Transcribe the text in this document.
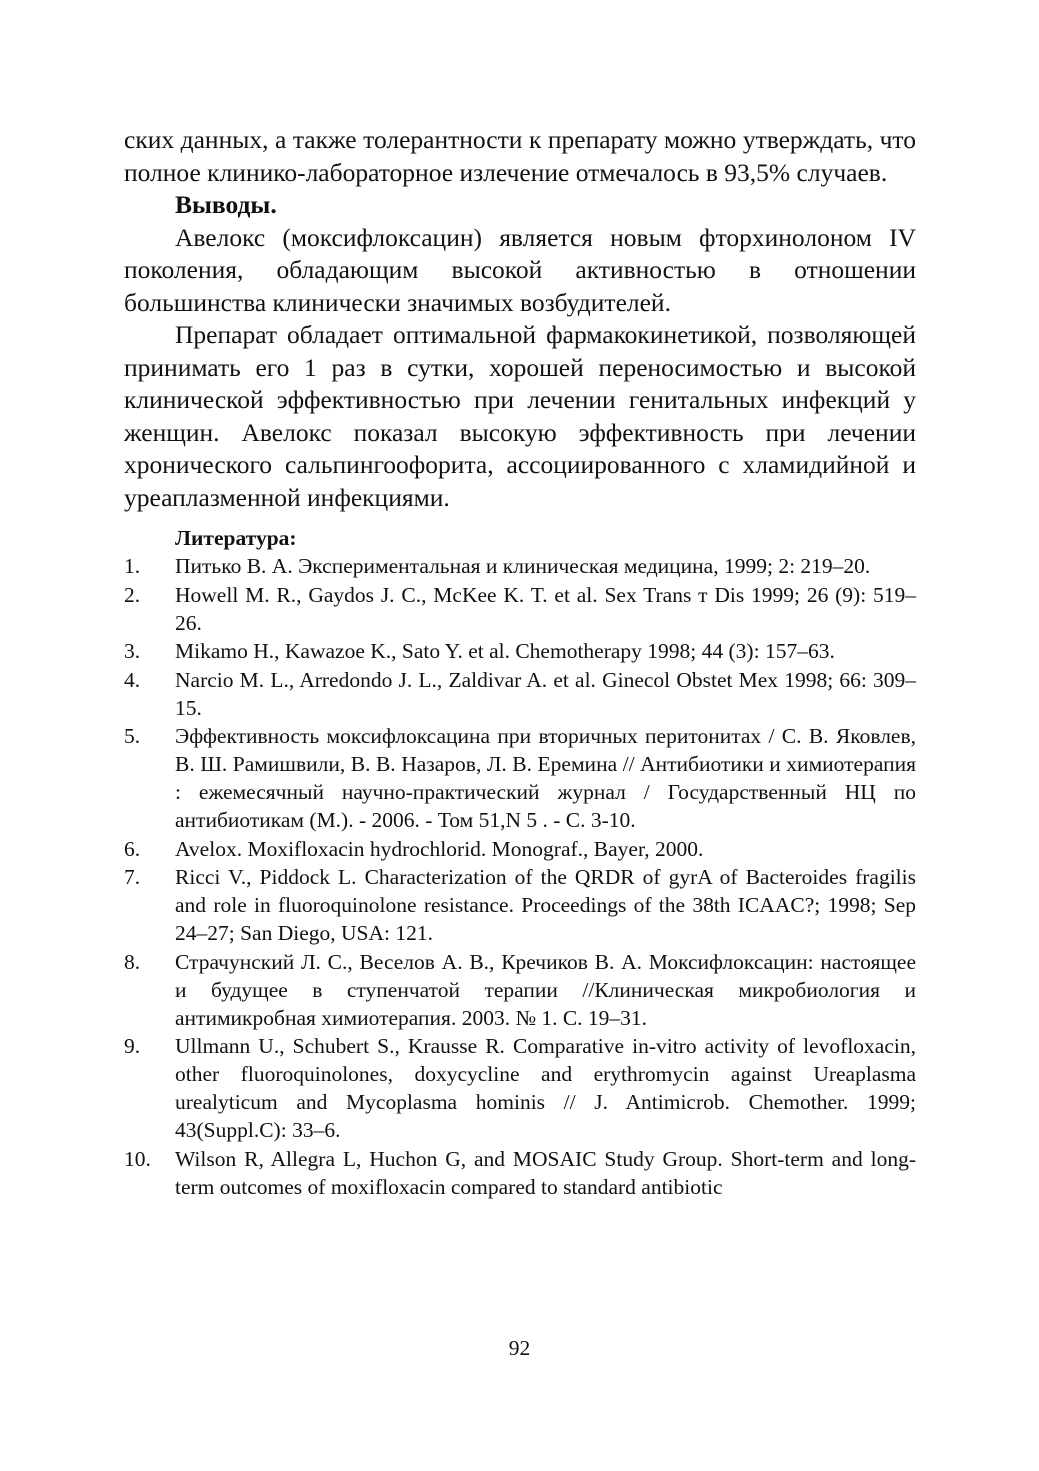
ских данных, а также толерантности к препарату можно утверждать, что полное клинико-лабораторное излечение отмечалось в 93,5% случаев.

Выводы.

Авелокс (моксифлоксацин) является новым фторхинолоном IV поколения, обладающим высокой активностью в отношении большинства клинически значимых возбудителей.

Препарат обладает оптимальной фармакокинетикой, позволяющей принимать его 1 раз в сутки, хорошей переносимостью и высокой клинической эффективностью при лечении генитальных инфекций у женщин. Авелокс показал высокую эффективность при лечении хронического сальпингоофорита, ассоциированного с хламидийной и уреаплазменной инфекциями.

Литература:

1. Питько В. А. Экспериментальная и клиническая медицина, 1999; 2: 219–20.
2. Howell M. R., Gaydos J. C., McKee K. T. et al. Sex Trans т Dis 1999; 26 (9): 519–26.
3. Mikamo H., Kawazoe K., Sato Y. et al. Chemotherapy 1998; 44 (3): 157–63.
4. Narcio M. L., Arredondo J. L., Zaldivar A. et al. Ginecol Obstet Mex 1998; 66: 309–15.
5. Эффективность моксифлоксацина при вторичных перитонитах / С. В. Яковлев, В. Ш. Рамишвили, В. В. Назаров, Л. В. Еремина // Антибиотики и химиотерапия : ежемесячный научно-практический журнал / Государственный НЦ по антибиотикам (М.). - 2006. - Том 51,N 5 . - С. 3-10.
6. Avelox. Moxifloxacin hydrochlorid. Monograf., Bayer, 2000.
7. Ricci V., Piddock L. Characterization of the QRDR of gyrA of Bacteroides fragilis and role in fluoroquinolone resistance. Proceedings of the 38th ICAAC?; 1998; Sep 24–27; San Diego, USA: 121.
8. Страчунский Л. С., Веселов А. В., Кречиков В. А. Моксифлоксацин: настоящее и будущее в ступенчатой терапии //Клиническая микробиология и антимикробная химиотерапия. 2003. № 1. С. 19–31.
9. Ullmann U., Schubert S., Krausse R. Comparative in-vitro activity of levofloxacin, other fluoroquinolones, doxycycline and erythromycin against Ureaplasma urealyticum and Mycoplasma hominis // J. Antimicrob. Chemother. 1999; 43(Suppl.C): 33–6.
10. Wilson R, Allegra L, Huchon G, and MOSAIC Study Group. Short-term and long-term outcomes of moxifloxacin compared to standard antibiotic
92
